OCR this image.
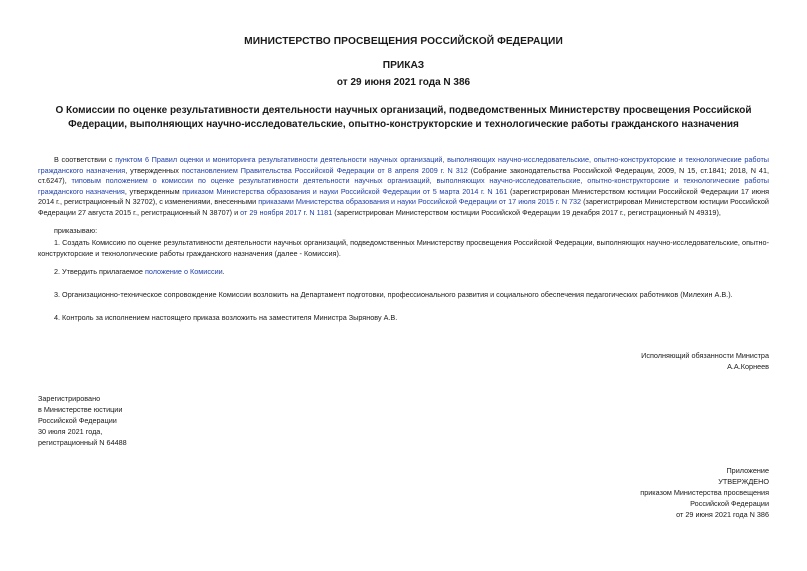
МИНИСТЕРСТВО ПРОСВЕЩЕНИЯ РОССИЙСКОЙ ФЕДЕРАЦИИ
ПРИКАЗ
от 29 июня 2021 года N 386
О Комиссии по оценке результативности деятельности научных организаций, подведомственных Министерству просвещения Российской Федерации, выполняющих научно-исследовательские, опытно-конструкторские и технологические работы гражданского назначения
В соответствии с пунктом 6 Правил оценки и мониторинга результативности деятельности научных организаций, выполняющих научно-исследовательские, опытно-конструкторские и технологические работы гражданского назначения, утвержденных постановлением Правительства Российской Федерации от 8 апреля 2009 г. N 312 (Собрание законодательства Российской Федерации, 2009, N 15, ст.1841; 2018, N 41, ст.6247), типовым положением о комиссии по оценке результативности деятельности научных организаций, выполняющих научно-исследовательские, опытно-конструкторские и технологические работы гражданского назначения, утвержденным приказом Министерства образования и науки Российской Федерации от 5 марта 2014 г. N 161 (зарегистрирован Министерством юстиции Российской Федерации 17 июня 2014 г., регистрационный N 32702), с изменениями, внесенными приказами Министерства образования и науки Российской Федерации от 17 июля 2015 г. N 732 (зарегистрирован Министерством юстиции Российской Федерации 27 августа 2015 г., регистрационный N 38707) и от 29 ноября 2017 г. N 1181 (зарегистрирован Министерством юстиции Российской Федерации 19 декабря 2017 г., регистрационный N 49319),
приказываю:
1. Создать Комиссию по оценке результативности деятельности научных организаций, подведомственных Министерству просвещения Российской Федерации, выполняющих научно-исследовательские, опытно-конструкторские и технологические работы гражданского назначения (далее - Комиссия).
2. Утвердить прилагаемое положение о Комиссии.
3. Организационно-техническое сопровождение Комиссии возложить на Департамент подготовки, профессионального развития и социального обеспечения педагогических работников (Милехин А.В.).
4. Контроль за исполнением настоящего приказа возложить на заместителя Министра Зырянову А.В.
Исполняющий обязанности Министра
А.А.Корнеев
Зарегистрировано
в Министерстве юстиции
Российской Федерации
30 июля 2021 года,
регистрационный N 64488
Приложение
УТВЕРЖДЕНО
приказом Министерства просвещения
Российской Федерации
от 29 июня 2021 года N 386
